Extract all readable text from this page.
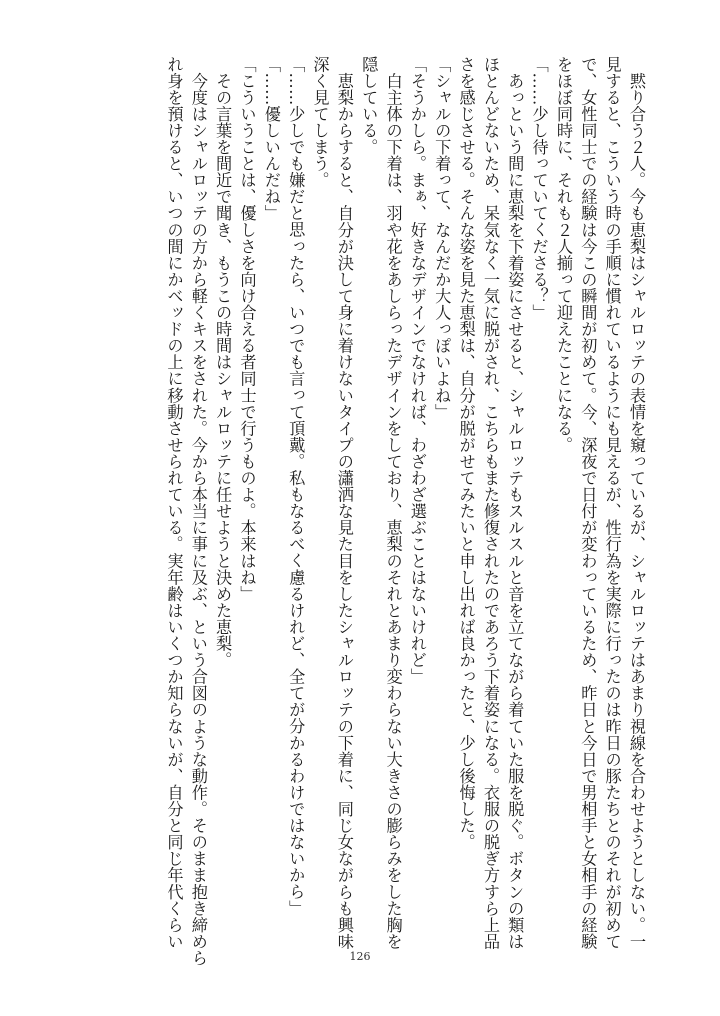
　黙り合う２人。今も恵梨はシャルロッテの表情を窺っているが、シャルロッテはあまり視線を合わせようとしない。一
見すると、こういう時の手順に慣れているようにも見えるが、性行為を実際に行ったのは昨日の豚たちとのそれが初めて
で、女性同士での経験は今この瞬間が初めて。今、深夜で日付が変わっているため、昨日と今日で男相手と女相手の経験
をほぼ同時に、それも２人揃って迎えたことになる。
「……少し待っていてくださる？」
　あっという間に恵梨を下着姿にさせると、シャルロッテもスルスルと音を立てながら着ていた服を脱ぐ。ボタンの類は
ほとんどないため、呆気なく一気に脱がされ、こちらもまた修復されたのであろう下着姿になる。衣服の脱ぎ方すら上品
さを感じさせる。そんな姿を見た恵梨は、自分が脱がせてみたいと申し出れば良かったと、少し後悔した。
「シャルの下着って、なんだか大人っぽいよね」
「そうかしら。まぁ、好きなデザインでなければ、わざわざ選ぶことはないけれど」
　白主体の下着は、羽や花をあしらったデザインをしており、恵梨のそれとあまり変わらない大きさの膨らみをした胸を
隠している。
　恵梨からすると、自分が決して身に着けないタイプの瀟洒な見た目をしたシャルロッテの下着に、同じ女ながらも興味
深く見てしまう。
「……少しでも嫌だと思ったら、いつでも言って頂戴。私もなるべく慮るけれど、全てが分かるわけではないから」
「……優しいんだね」
「こういうことは、優しさを向け合える者同士で行うものよ。本来はね」
　その言葉を間近で聞き、もうこの時間はシャルロッテに任せようと決めた恵梨。
　今度はシャルロッテの方から軽くキスをされた。今から本当に事に及ぶ、という合図のような動作。そのまま抱き締めら
れ身を預けると、いつの間にかベッドの上に移動させられている。実年齢はいくつか知らないが、自分と同じ年代くらい
126
